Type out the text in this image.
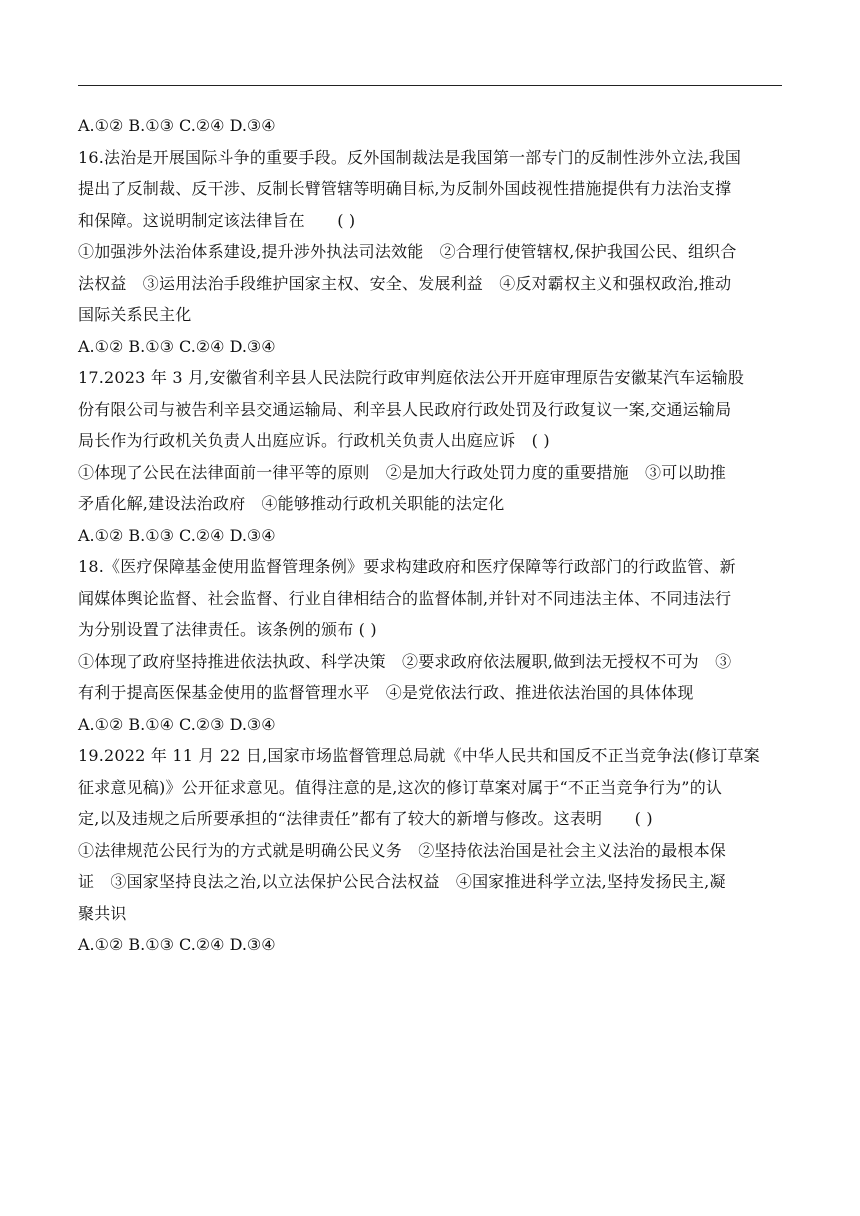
A.①② B.①③ C.②④ D.③④
16.法治是开展国际斗争的重要手段。反外国制裁法是我国第一部专门的反制性涉外立法,我国
提出了反制裁、反干涉、反制长臂管辖等明确目标,为反制外国歧视性措施提供有力法治支撑
和保障。这说明制定该法律旨在　　( )
①加强涉外法治体系建设,提升涉外执法司法效能　②合理行使管辖权,保护我国公民、组织合
法权益　③运用法治手段维护国家主权、安全、发展利益　④反对霸权主义和强权政治,推动
国际关系民主化
A.①② B.①③ C.②④ D.③④
17.2023 年 3 月,安徽省利辛县人民法院行政审判庭依法公开开庭审理原告安徽某汽车运输股
份有限公司与被告利辛县交通运输局、利辛县人民政府行政处罚及行政复议一案,交通运输局
局长作为行政机关负责人出庭应诉。行政机关负责人出庭应诉　( )
①体现了公民在法律面前一律平等的原则　②是加大行政处罚力度的重要措施　③可以助推
矛盾化解,建设法治政府　④能够推动行政机关职能的法定化
A.①② B.①③ C.②④ D.③④
18.《医疗保障基金使用监督管理条例》要求构建政府和医疗保障等行政部门的行政监管、新
闻媒体舆论监督、社会监督、行业自律相结合的监督体制,并针对不同违法主体、不同违法行
为分别设置了法律责任。该条例的颁布 ( )
①体现了政府坚持推进依法执政、科学决策　②要求政府依法履职,做到法无授权不可为　③
有利于提高医保基金使用的监督管理水平　④是党依法行政、推进依法治国的具体体现
A.①② B.①④ C.②③ D.③④
19.2022 年 11 月 22 日,国家市场监督管理总局就《中华人民共和国反不正当竞争法(修订草案
征求意见稿)》公开征求意见。值得注意的是,这次的修订草案对属于“不正当竞争行为”的认
定,以及违规之后所要承担的“法律责任”都有了较大的新增与修改。这表明　　( )
①法律规范公民行为的方式就是明确公民义务　②坚持依法治国是社会主义法治的最根本保
证　③国家坚持良法之治,以立法保护公民合法权益　④国家推进科学立法,坚持发扬民主,凝
聚共识
A.①② B.①③ C.②④ D.③④
